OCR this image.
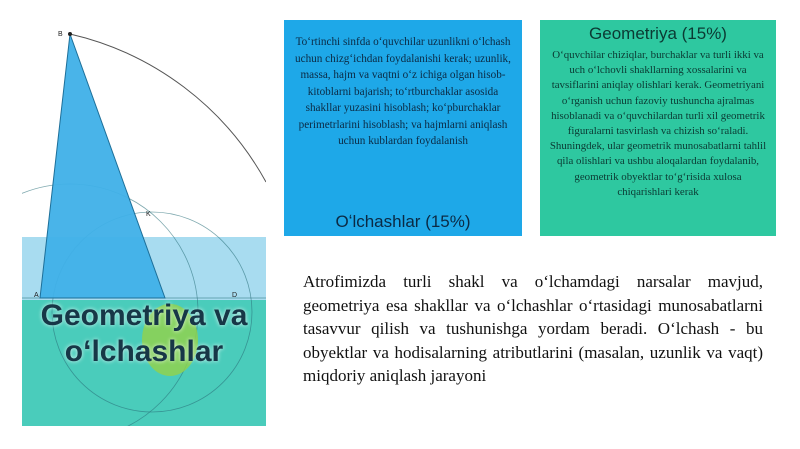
B
K
A	D
Geometriya va oʻlchashlar
Toʻrtinchi sinfda oʻquvchilar uzunlikni oʻlchash uchun chizgʻichdan foydalanishi kerak; uzunlik, massa, hajm va vaqtni oʻz ichiga olgan hisob-kitoblarni bajarish; toʻrtburchaklar asosida shakllar yuzasini hisoblash; koʻpburchaklar perimetrlarini hisoblash; va hajmlarni aniqlash uchun kublardan foydalanish
Oʻlchashlar (15%)
Geometriya (15%)
Oʻquvchilar chiziqlar, burchaklar va turli ikki va uch oʻlchovli shakllarning xossalarini va tavsiflarini aniqlay olishlari kerak. Geometriyani oʻrganish uchun fazoviy tushuncha ajralmas hisoblanadi va oʻquvchilardan turli xil geometrik figuralarni tasvirlash va chizish soʻraladi. Shuningdek, ular geometrik munosabatlarni tahlil qila olishlari va ushbu aloqalardan foydalanib, geometrik obyektlar toʻgʻrisida xulosa chiqarishlari kerak
Atrofimizda turli shakl va oʻlchamdagi narsalar mavjud, geometriya esa shakllar va oʻlchashlar oʻrtasidagi munosabatlarni tasavvur qilish va tushunishga yordam beradi. Oʻlchash - bu obyektlar va hodisalarning atributlarini (masalan, uzunlik va vaqt) miqdoriy aniqlash jarayoni
